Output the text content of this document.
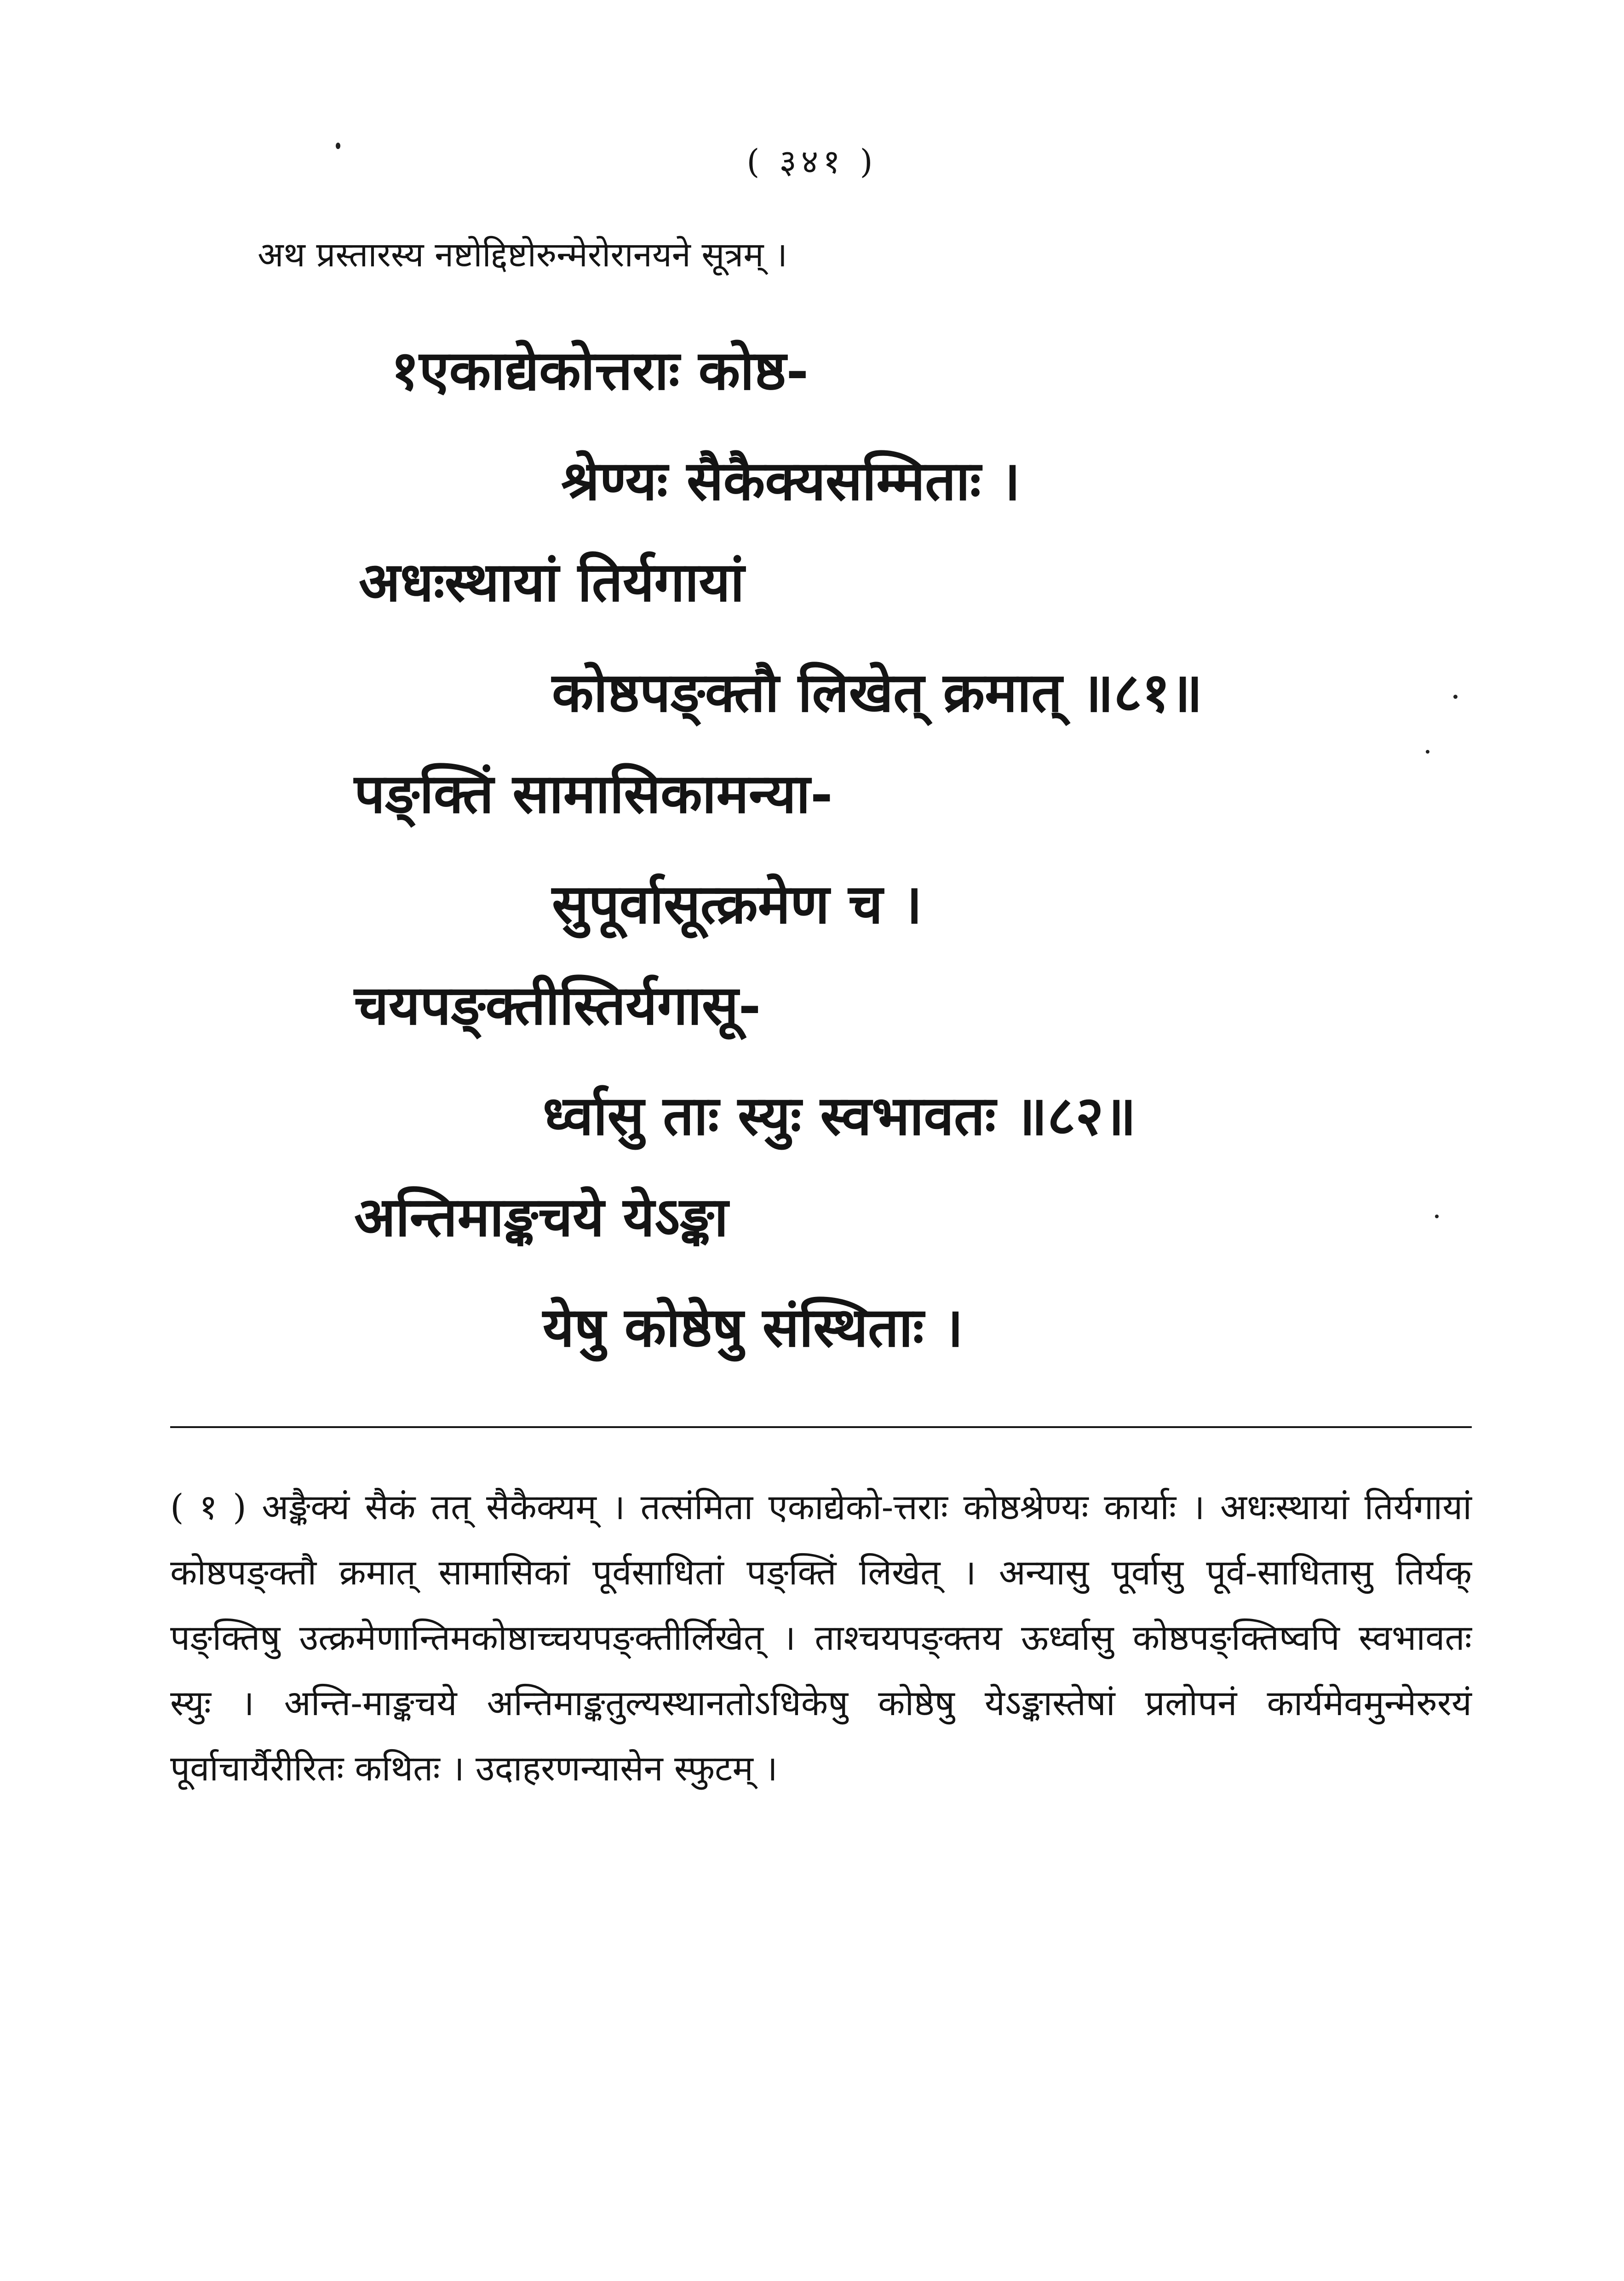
( ३४१ )
अथ प्रस्तारस्य नष्टोद्दिष्टोरुन्मेरोरानयने सूत्रम् ।
१एकाद्येकोत्तराः कोष्ठ-
श्रेण्यः सैकैक्यसम्मिताः ।
अधःस्थायां तिर्यगायां
कोष्ठपङ्क्तौ लिखेत् क्रमात् ॥८१॥
पङ्क्तिं सामासिकामन्या-
सुपूर्वासूत्क्रमेण च ।
चयपङ्क्तीस्तिर्यगासू-
र्ध्वासु ताः स्युः स्वभावतः ॥८२॥
अन्तिमाङ्कचये येऽङ्का
येषु कोष्ठेषु संस्थिताः ।
( १ ) अङ्कैक्यं सैकं तत् सैकैक्यम् । तत्संमिता एकाद्येको-त्तराः कोष्ठश्रेण्यः कार्याः । अधःस्थायां तिर्यगायां कोष्ठपङ्क्तौ क्रमात् सामासिकां पूर्वसाधितां पङ्क्तिं लिखेत् । अन्यासु पूर्वासु पूर्व-साधितासु तिर्यक् पङ्क्तिषु उत्क्रमेणान्तिमकोष्ठाच्चयपङ्क्तीर्लिखेत् । ताश्चयपङ्क्तय ऊर्ध्वासु कोष्ठपङ्क्तिष्वपि स्वभावतः स्युः । अन्ति-माङ्कचये अन्तिमाङ्कतुल्यस्थानतोऽधिकेषु कोष्ठेषु येऽङ्कास्तेषां प्रलोपनं कार्यमेवमुन्मेरुरयं पूर्वाचार्यैरीरितः कथितः । उदाहरणन्यासेन स्फुटम् ।
